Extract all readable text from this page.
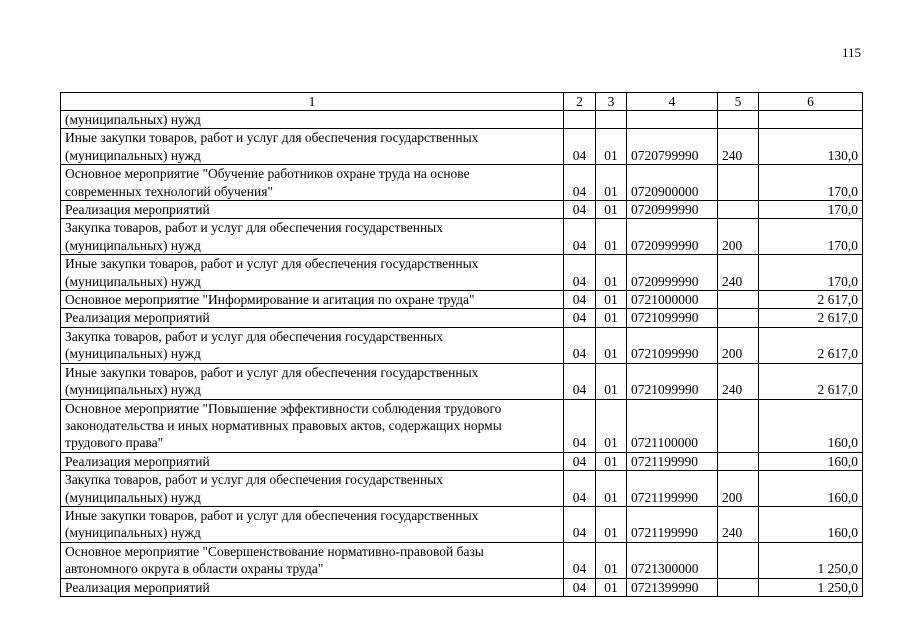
115
1	2	3	4	5	6
(муниципальных) нужд					
Иные закупки товаров, работ и услуг для обеспечения государственных
(муниципальных) нужд	04	01	0720799990	240	130,0
Основное мероприятие "Обучение работников охране труда на основе
современных технологий обучения"	04	01	0720900000		170,0
Реализация мероприятий	04	01	0720999990		170,0
Закупка товаров, работ и услуг для обеспечения государственных
(муниципальных) нужд	04	01	0720999990	200	170,0
Иные закупки товаров, работ и услуг для обеспечения государственных
(муниципальных) нужд	04	01	0720999990	240	170,0
Основное мероприятие "Информирование и агитация по охране труда"	04	01	0721000000		2 617,0
Реализация мероприятий	04	01	0721099990		2 617,0
Закупка товаров, работ и услуг для обеспечения государственных
(муниципальных) нужд	04	01	0721099990	200	2 617,0
Иные закупки товаров, работ и услуг для обеспечения государственных
(муниципальных) нужд	04	01	0721099990	240	2 617,0
Основное мероприятие "Повышение эффективности соблюдения трудового
законодательства и иных нормативных правовых актов, содержащих нормы
трудового права"	04	01	0721100000		160,0
Реализация мероприятий	04	01	0721199990		160,0
Закупка товаров, работ и услуг для обеспечения государственных
(муниципальных) нужд	04	01	0721199990	200	160,0
Иные закупки товаров, работ и услуг для обеспечения государственных
(муниципальных) нужд	04	01	0721199990	240	160,0
Основное мероприятие "Совершенствование нормативно-правовой базы
автономного округа в области охраны труда"	04	01	0721300000		1 250,0
Реализация мероприятий	04	01	0721399990		1 250,0
